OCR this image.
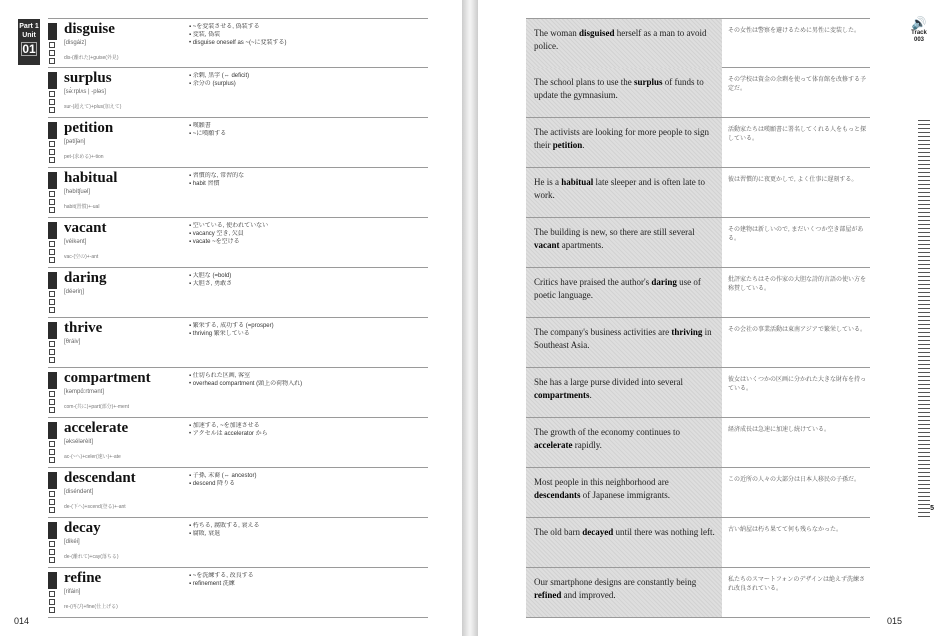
Part 1
Unit
01
disguise
[disgáiz]
dis-(離れた)+guise(外見)
▪ ~を変装させる, 偽装する
▪ 変装, 偽装
• disguise oneself as ~(~に変装する)
surplus
[sə́:rplʌs | -pləs]
sur-(超えて)+plus(加えて)
▪ 余剰, 黒字 (⇔ deficit)
▪ 余分の (surplus)
petition
[pətíʃən]
pet-(求める)+-tion
▪ 嘆願書
▪ ~に嘆願する
habitual
[həbítʃuəl]
habit(習慣)+-ual
▪ 習慣的な, 常習的な
▪ habit 習慣
vacant
[véikənt]
vac-(空の)+-ant
▪ 空いている, 使われていない
▪ vacancy 空き, 欠員
▪ vacate ~を空ける
daring
[déəriŋ]
▪ 大胆な (=bold)
▪ 大胆さ, 勇敢さ
thrive
[θráiv]
▪ 繁栄する, 成功する (=prosper)
▪ thriving 繁栄している
compartment
[kəmpɑ́:rtmənt]
com-(共に)+part(部分)+-ment
▪ 仕切られた区画, 客室
• overhead compartment (頭上の荷物入れ)
accelerate
[əksélərèit]
ac-(~へ)+celer(速い)+-ate
▪ 加速する, ~を加速させる
• アクセルは accelerator から
descendant
[diséndənt]
de-(下へ)+scend(登る)+-ant
▪ 子孫, 末裔 (⇔ ancestor)
▪ descend 降りる
decay
[dikéi]
de-(離れて)+cay(落ちる)
▪ 朽ちる, 腐敗する, 衰える
▪ 腐敗, 衰退
refine
[rifáin]
re-(再び)+fine(仕上げる)
▪ ~を洗練する, 改良する
▪ refinement 洗練
014
The woman disguised herself as a man to avoid police.
その女性は警察を避けるために男性に変装した。
The school plans to use the surplus of funds to update the gymnasium.
その学校は資金の余剰を使って体育館を改修する予定だ。
The activists are looking for more people to sign their petition.
活動家たちは嘆願書に署名してくれる人をもっと探している。
He is a habitual late sleeper and is often late to work.
彼は習慣的に夜更かしで, よく仕事に遅刻する。
The building is new, so there are still several vacant apartments.
その建物は新しいので, まだいくつか空き部屋がある。
Critics have praised the author's daring use of poetic language.
批評家たちはその作家の大胆な詩的言語の使い方を称賛している。
The company's business activities are thriving in Southeast Asia.
その会社の事業活動は東南アジアで繁栄している。
She has a large purse divided into several compartments.
彼女はいくつかの区画に分かれた大きな財布を持っている。
The growth of the economy continues to accelerate rapidly.
経済成長は急速に加速し続けている。
Most people in this neighborhood are descendants of Japanese immigrants.
この近所の人々の大部分は日本人移民の子孫だ。
The old barn decayed until there was nothing left.	古い納屋は朽ち果てて何も残らなかった。
Our smartphone designs are constantly being refined and improved.
私たちのスマートフォンのデザインは絶えず洗練され改良されている。
🔊
Track
003
5
015
